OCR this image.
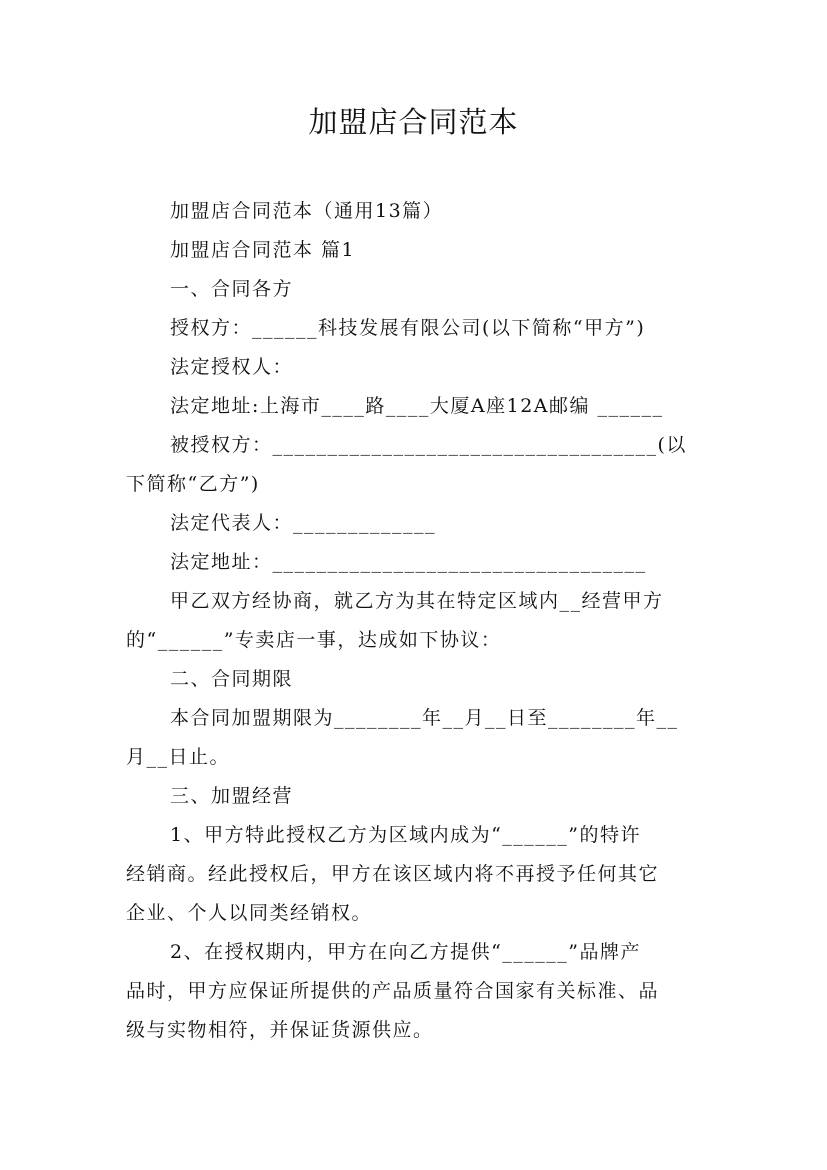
加盟店合同范本
加盟店合同范本（通用13篇）
加盟店合同范本 篇1
一、合同各方
授权方：______科技发展有限公司(以下简称“甲方”)
法定授权人：
法定地址:上海市____路____大厦A座12A邮编 ______
被授权方：___________________________________(以
下简称“乙方”)
法定代表人：_____________
法定地址：__________________________________
甲乙双方经协商，就乙方为其在特定区域内__经营甲方
的“______”专卖店一事，达成如下协议：
二、合同期限
本合同加盟期限为________年__月__日至________年__
月__日止。
三、加盟经营
1、甲方特此授权乙方为区域内成为“______”的特许
经销商。经此授权后，甲方在该区域内将不再授予任何其它
企业、个人以同类经销权。
2、在授权期内，甲方在向乙方提供“______”品牌产
品时，甲方应保证所提供的产品质量符合国家有关标准、品
级与实物相符，并保证货源供应。
